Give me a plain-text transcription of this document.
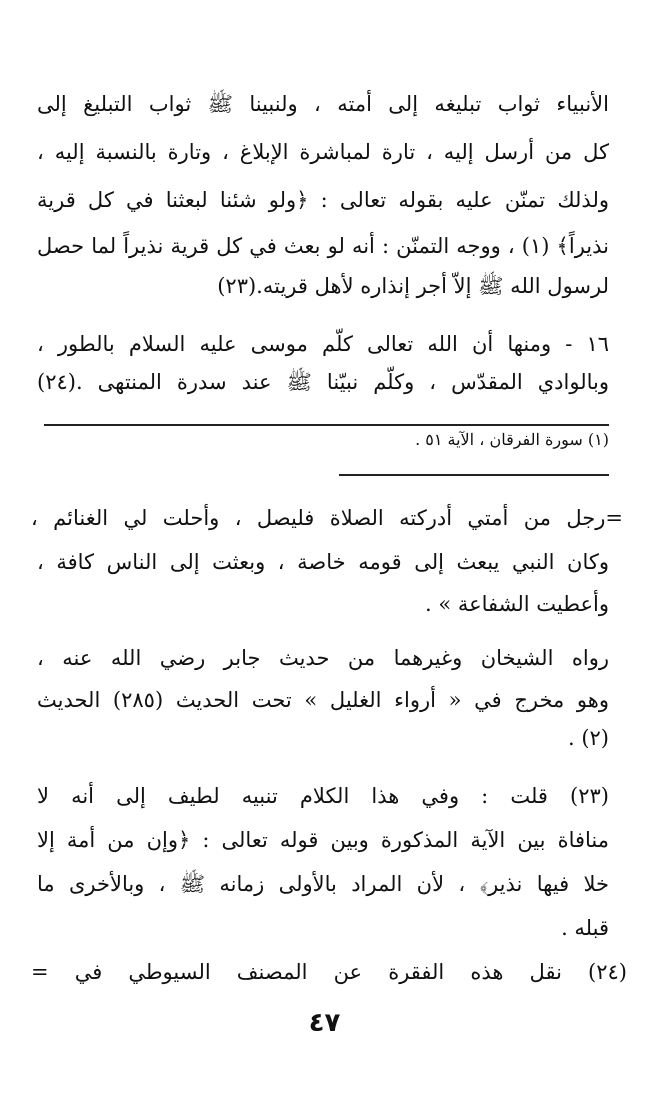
الأنبياء ثواب تبليغه إلى أمته ، ولنبينا ﷺ ثواب التبليغ إلى
كل من أرسل إليه ، تارة لمباشرة الإبلاغ ، وتارة بالنسبة إليه ،
ولذلك تمنّن عليه بقوله تعالى : ﴿ولو شئنا لبعثنا في كل قرية
نذيراً﴾ (١) ، ووجه التمنّن : أنه لو بعث في كل قرية نذيراً لما حصل
لرسول الله ﷺ إلاّ أجر إنذاره لأهل قريته.(٢٣)
١٦ - ومنها أن الله تعالى كلّم موسى عليه السلام بالطور ،
وبالوادي المقدّس ، وكلّم نبيّنا ﷺ عند سدرة المنتهى .(٢٤)
(١) سورة الفرقان ، الآية ٥١ .
=رجل من أمتي أدركته الصلاة فليصل ، وأحلت لي الغنائم ،
وكان النبي يبعث إلى قومه خاصة ، وبعثت إلى الناس كافة ،
وأعطيت الشفاعة » .
رواه الشيخان وغيرهما من حديث جابر رضي الله عنه ،
وهو مخرج في « أرواء الغليل » تحت الحديث (٢٨٥) الحديث
(٢) .
(٢٣) قلت : وفي هذا الكلام تنبيه لطيف إلى أنه لا
منافاة بين الآية المذكورة وبين قوله تعالى : ﴿وإن من أمة إلا
خلا فيها نذير﴾ ، لأن المراد بالأولى زمانه ﷺ ، وبالأخرى ما
قبله .
(٢٤) نقل هذه الفقرة عن المصنف السيوطي في =
٤٧
